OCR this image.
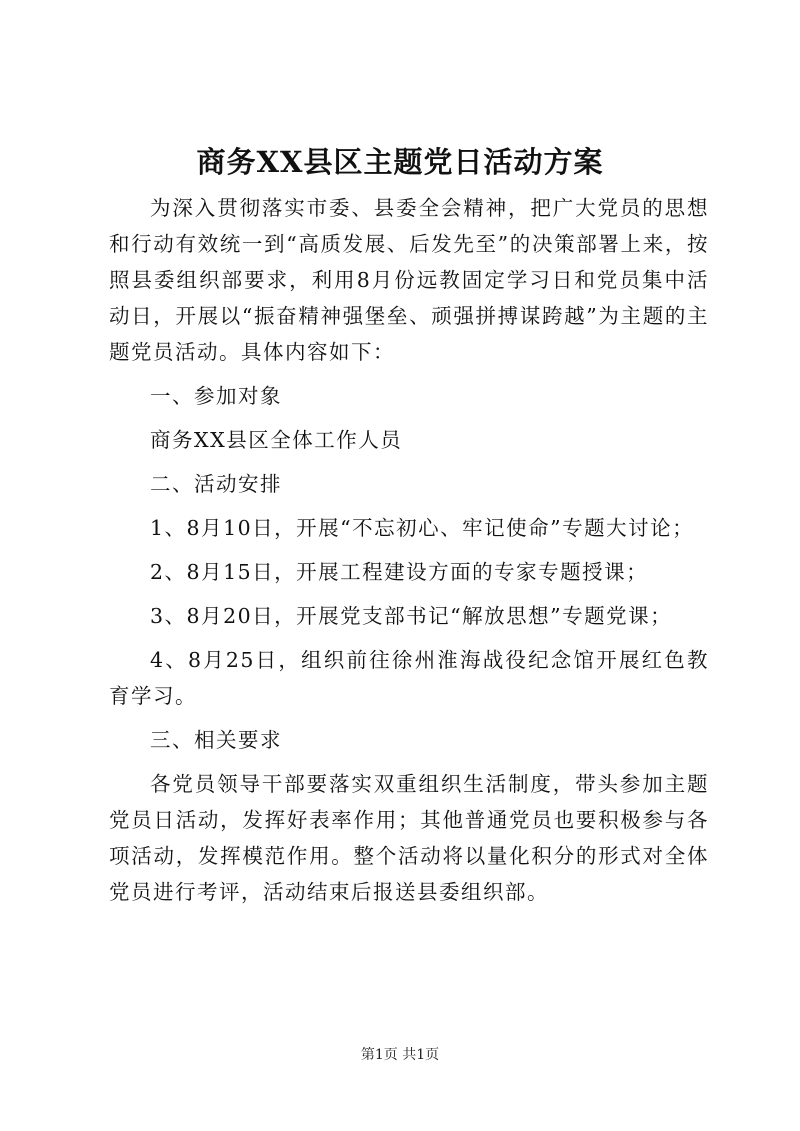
商务XX县区主题党日活动方案

为深入贯彻落实市委、县委全会精神，把广大党员的思想和行动有效统一到“高质发展、后发先至”的决策部署上来，按照县委组织部要求，利用8月份远教固定学习日和党员集中活动日，开展以“振奋精神强堡垒、顽强拼搏谋跨越”为主题的主题党员活动。具体内容如下：

一、参加对象

商务XX县区全体工作人员

二、活动安排

1、8月10日，开展“不忘初心、牢记使命”专题大讨论；

2、8月15日，开展工程建设方面的专家专题授课；

3、8月20日，开展党支部书记“解放思想”专题党课；

4、8月25日，组织前往徐州淮海战役纪念馆开展红色教育学习。

三、相关要求

各党员领导干部要落实双重组织生活制度，带头参加主题党员日活动，发挥好表率作用；其他普通党员也要积极参与各项活动，发挥模范作用。整个活动将以量化积分的形式对全体党员进行考评，活动结束后报送县委组织部。

第1页 共1页
